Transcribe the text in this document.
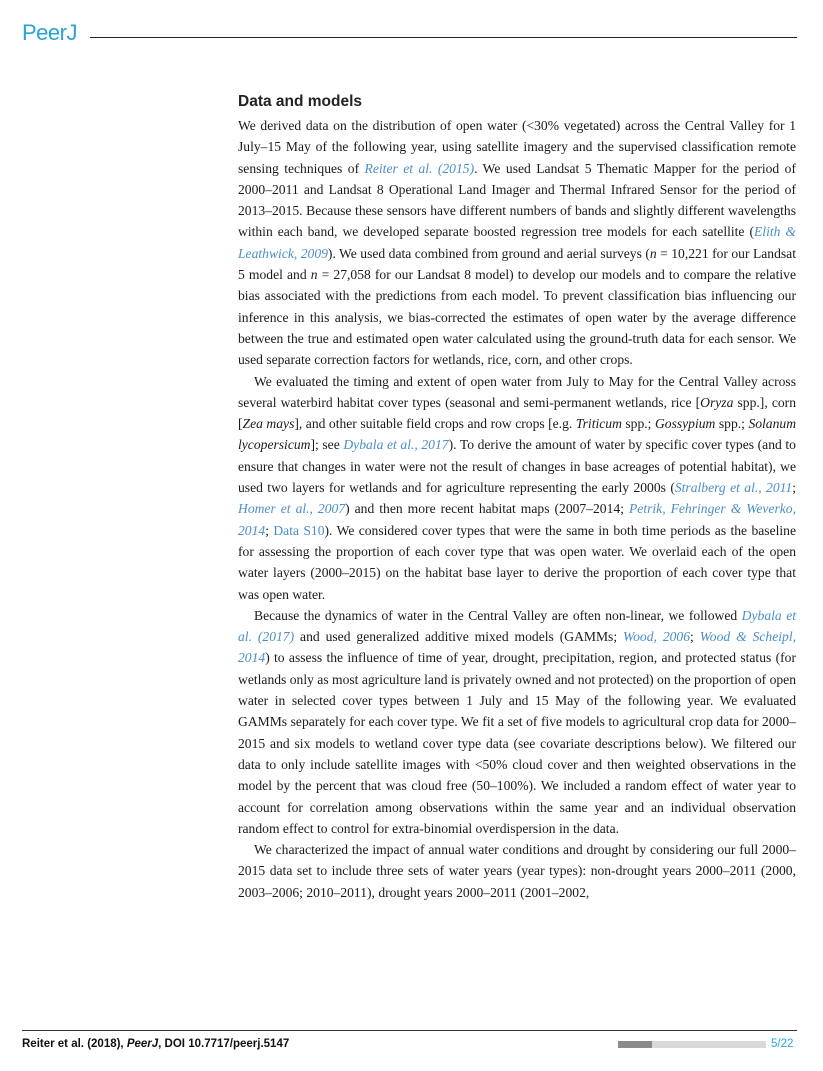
PeerJ
Data and models

We derived data on the distribution of open water (<30% vegetated) across the Central Valley for 1 July–15 May of the following year, using satellite imagery and the supervised classification remote sensing techniques of Reiter et al. (2015). We used Landsat 5 Thematic Mapper for the period of 2000–2011 and Landsat 8 Operational Land Imager and Thermal Infrared Sensor for the period of 2013–2015. Because these sensors have different numbers of bands and slightly different wavelengths within each band, we developed separate boosted regression tree models for each satellite (Elith & Leathwick, 2009). We used data combined from ground and aerial surveys (n = 10,221 for our Landsat 5 model and n = 27,058 for our Landsat 8 model) to develop our models and to compare the relative bias associated with the predictions from each model. To prevent classification bias influencing our inference in this analysis, we bias-corrected the estimates of open water by the average difference between the true and estimated open water calculated using the ground-truth data for each sensor. We used separate correction factors for wetlands, rice, corn, and other crops.

We evaluated the timing and extent of open water from July to May for the Central Valley across several waterbird habitat cover types (seasonal and semi-permanent wetlands, rice [Oryza spp.], corn [Zea mays], and other suitable field crops and row crops [e.g. Triticum spp.; Gossypium spp.; Solanum lycopersicum]; see Dybala et al., 2017). To derive the amount of water by specific cover types (and to ensure that changes in water were not the result of changes in base acreages of potential habitat), we used two layers for wetlands and for agriculture representing the early 2000s (Stralberg et al., 2011; Homer et al., 2007) and then more recent habitat maps (2007–2014; Petrik, Fehringer & Weverko, 2014; Data S10). We considered cover types that were the same in both time periods as the baseline for assessing the proportion of each cover type that was open water. We overlaid each of the open water layers (2000–2015) on the habitat base layer to derive the proportion of each cover type that was open water.

Because the dynamics of water in the Central Valley are often non-linear, we followed Dybala et al. (2017) and used generalized additive mixed models (GAMMs; Wood, 2006; Wood & Scheipl, 2014) to assess the influence of time of year, drought, precipitation, region, and protected status (for wetlands only as most agriculture land is privately owned and not protected) on the proportion of open water in selected cover types between 1 July and 15 May of the following year. We evaluated GAMMs separately for each cover type. We fit a set of five models to agricultural crop data for 2000–2015 and six models to wetland cover type data (see covariate descriptions below). We filtered our data to only include satellite images with <50% cloud cover and then weighted observations in the model by the percent that was cloud free (50–100%). We included a random effect of water year to account for correlation among observations within the same year and an individual observation random effect to control for extra-binomial overdispersion in the data.

We characterized the impact of annual water conditions and drought by considering our full 2000–2015 data set to include three sets of water years (year types): non-drought years 2000–2011 (2000, 2003–2006; 2010–2011), drought years 2000–2011 (2001–2002,

Reiter et al. (2018), PeerJ, DOI 10.7717/peerj.5147	5/22
